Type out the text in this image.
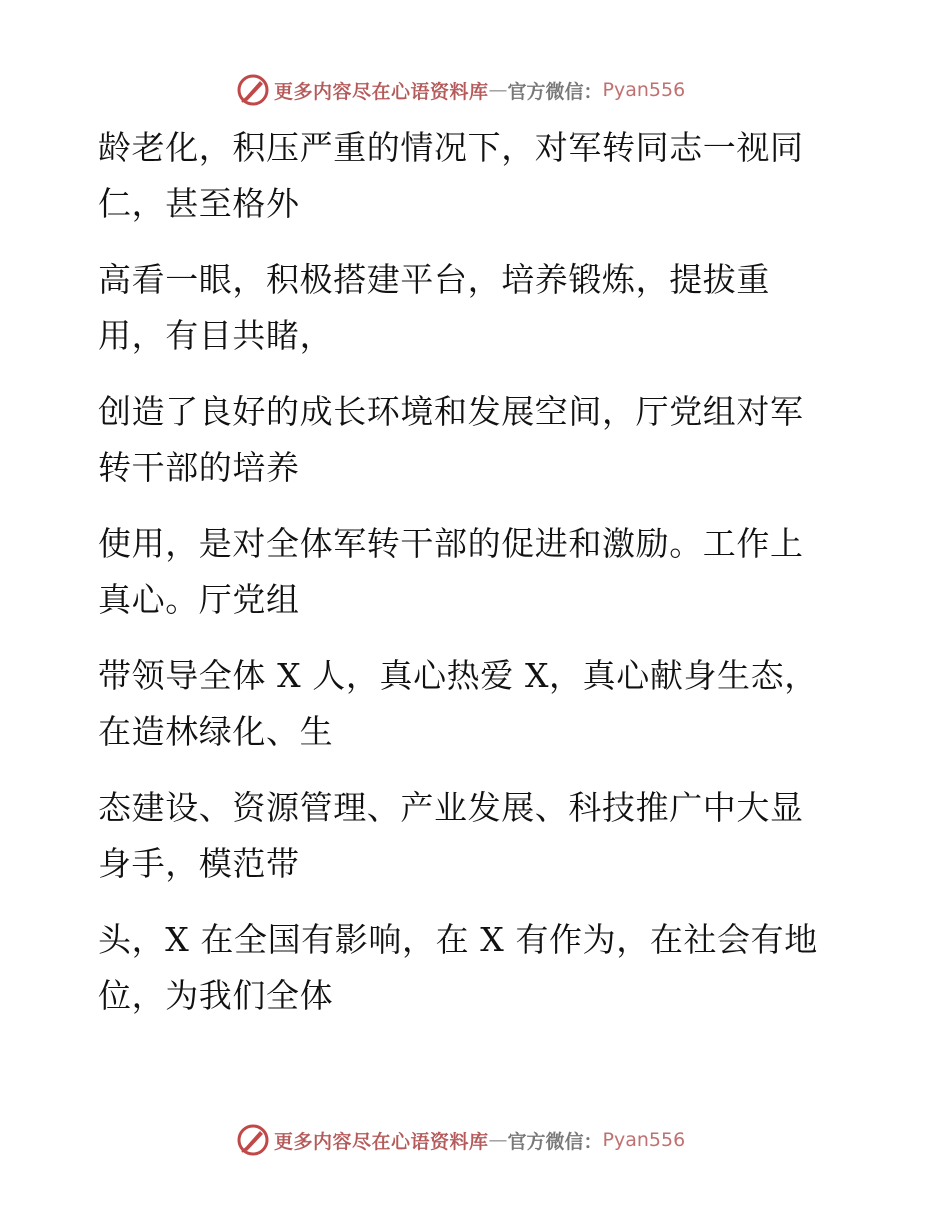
更多内容尽在心语资料库 — 官方微信： Pyan556
龄老化，积压严重的情况下，对军转同志一视同
仁，甚至格外
高看一眼，积极搭建平台，培养锻炼，提拔重
用，有目共睹，
创造了良好的成长环境和发展空间，厅党组对军
转干部的培养
使用，是对全体军转干部的促进和激励。工作上
真心。厅党组
带领导全体 X 人，真心热爱 X，真心献身生态，
在造林绿化、生
态建设、资源管理、产业发展、科技推广中大显
身手，模范带
头，X 在全国有影响，在 X 有作为，在社会有地
位，为我们全体
更多内容尽在心语资料库 — 官方微信： Pyan556
